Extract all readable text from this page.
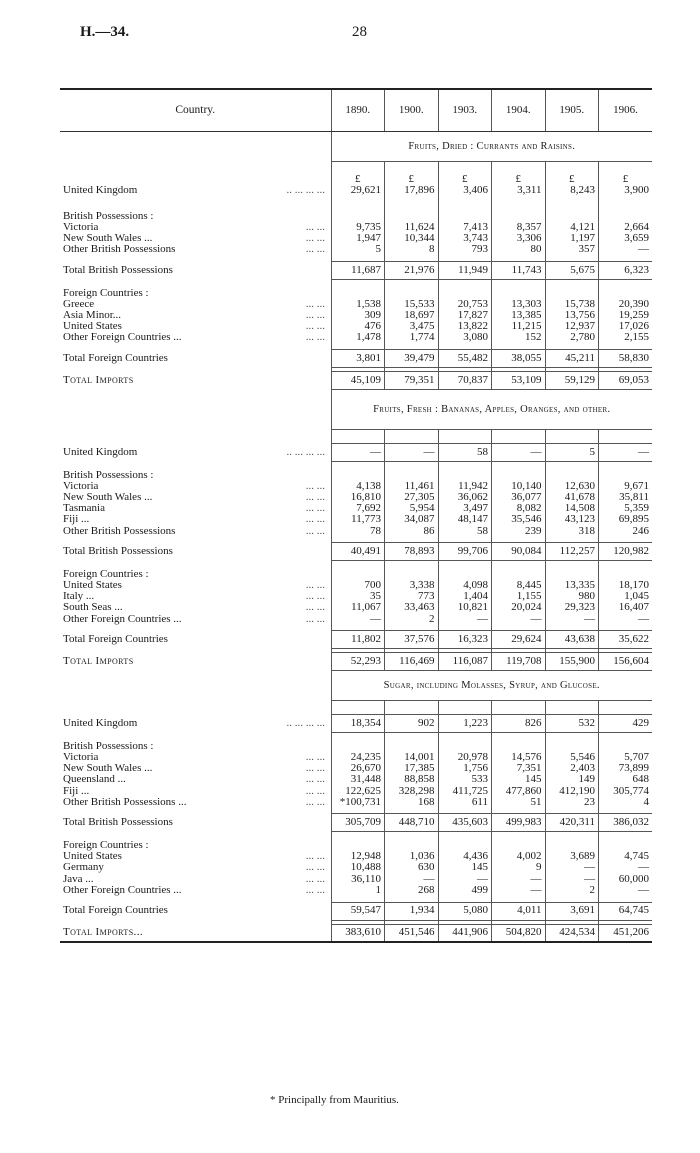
H.—34.	28
Country.	1890.	1900.	1903.	1904.	1905.	1906.
	Fruits, Dried : Currants and Raisins.					
	£	£	£	£	£	£

United Kingdom .. ... ... ...	29,621	17,896	3,406	3,311	8,243	3,900

British Possessions :						

Victoria ... ...	9,735	11,624	7,413	8,357	4,121	2,664

New South Wales ... ... ...	1,947	10,344	3,743	3,306	1,197	3,659

Other British Possessions ... ...	5	8	793	80	357	—

Total British Possessions	11,687	21,976	11,949	11,743	5,675	6,323

Foreign Countries :						

Greece ... ...	1,538	15,533	20,753	13,303	15,738	20,390

Asia Minor... ... ...	309	18,697	17,827	13,385	13,756	19,259

United States ... ...	476	3,475	13,822	11,215	12,937	17,026

Other Foreign Countries ... ... ...	1,478	1,774	3,080	152	2,780	2,155

Total Foreign Countries	3,801	39,479	55,482	38,055	45,211	58,830

Total Imports	45,109	79,351	70,837	53,109	59,129	69,053
	Fruits, Fresh : Bananas, Apples, Oranges, and other.					

United Kingdom .. ... ... ...	—	—	58	—	5	—

British Possessions :						

Victoria ... ...	4,138	11,461	11,942	10,140	12,630	9,671

New South Wales ... ... ...	16,810	27,305	36,062	36,077	41,678	35,811

Tasmania ... ...	7,692	5,954	3,497	8,082	14,508	5,359

Fiji ... ... ...	11,773	34,087	48,147	35,546	43,123	69,895

Other British Possessions ... ...	78	86	58	239	318	246

Total British Possessions	40,491	78,893	99,706	90,084	112,257	120,982

Foreign Countries :						

United States ... ...	700	3,338	4,098	8,445	13,335	18,170

Italy ... ... ...	35	773	1,404	1,155	980	1,045

South Seas ... ... ...	11,067	33,463	10,821	20,024	29,323	16,407

Other Foreign Countries ... ... ...	—	2	—	—	—	—

Total Foreign Countries	11,802	37,576	16,323	29,624	43,638	35,622

Total Imports	52,293	116,469	116,087	119,708	155,900	156,604
	Sugar, including Molasses, Syrup, and Glucose.					

United Kingdom .. ... ... ...	18,354	902	1,223	826	532	429

British Possessions :						

Victoria ... ...	24,235	14,001	20,978	14,576	5,546	5,707

New South Wales ... ... ...	26,670	17,385	1,756	7,351	2,403	73,899

Queensland ... ... ...	31,448	88,858	533	145	149	648

Fiji ... ... ...	122,625	328,298	411,725	477,860	412,190	305,774

Other British Possessions ... ... ...	*100,731	168	611	51	23	4

Total British Possessions	305,709	448,710	435,603	499,983	420,311	386,032

Foreign Countries :						

United States ... ...	12,948	1,036	4,436	4,002	3,689	4,745

Germany ... ...	10,488	630	145	9	—	—

Java ... ... ...	36,110	—	—	—	—	60,000

Other Foreign Countries ... ... ...	1	268	499	—	2	—

Total Foreign Countries	59,547	1,934	5,080	4,011	3,691	64,745

Total Imports...	383,610	451,546	441,906	504,820	424,534	451,206

* Principally from Mauritius.
